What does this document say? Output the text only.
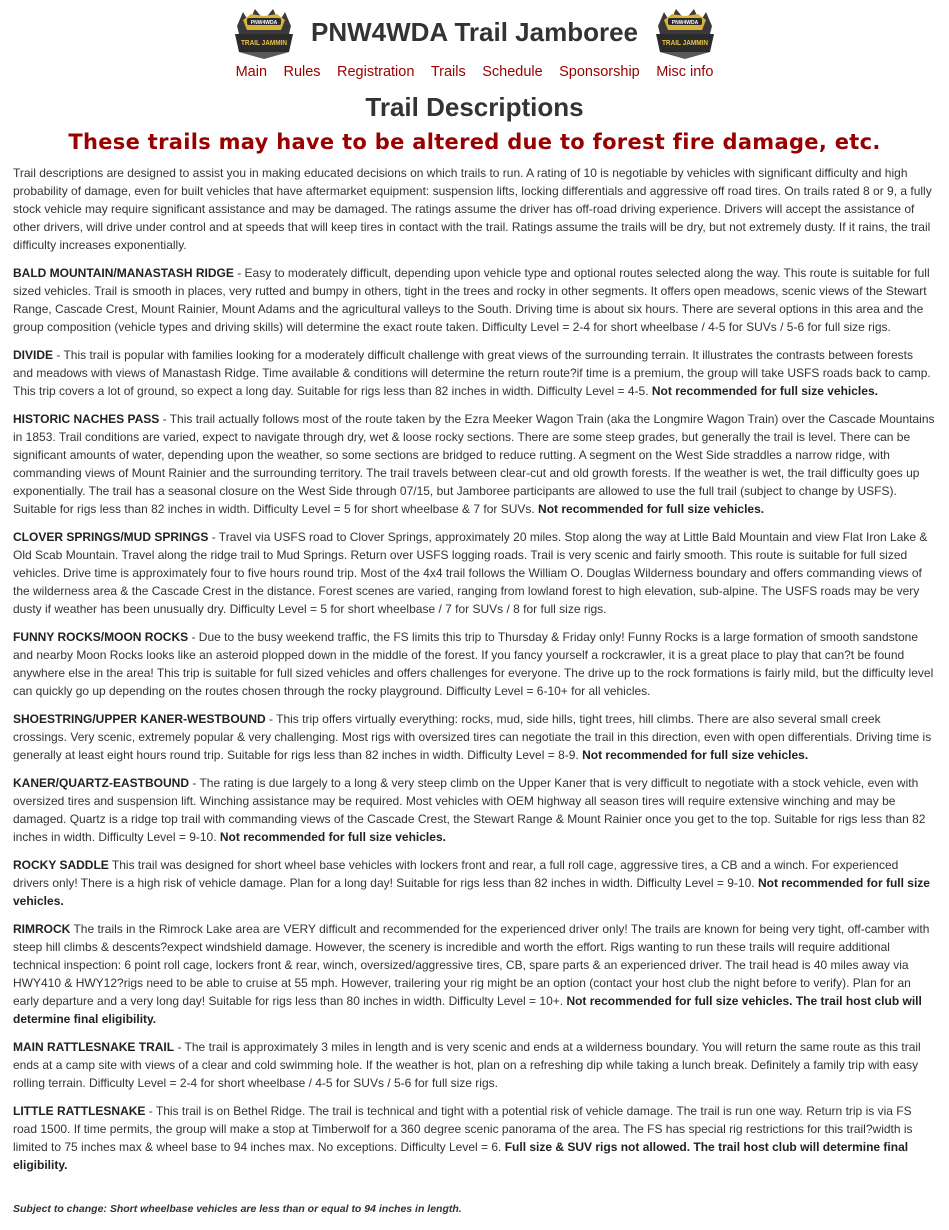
PNW4WDA
TRAIL JAMMIN PNW4WDA Trail Jamboree	PNW4WDA
TRAIL JAMMIN
Main Rules Registration Trails Schedule Sponsorship Misc info
Trail Descriptions
These trails may have to be altered due to forest fire damage, etc.

Trail descriptions are designed to assist you in making educated decisions on which trails to run. A rating of 10 is negotiable by vehicles with significant difficulty and high probability of damage, even for built vehicles that have aftermarket equipment: suspension lifts, locking differentials and aggressive off road tires. On trails rated 8 or 9, a fully stock vehicle may require significant assistance and may be damaged. The ratings assume the driver has off-road driving experience. Drivers will accept the assistance of other drivers, will drive under control and at speeds that will keep tires in contact with the trail. Ratings assume the trails will be dry, but not extremely dusty. If it rains, the trail difficulty increases exponentially.

BALD MOUNTAIN/MANASTASH RIDGE - Easy to moderately difficult, depending upon vehicle type and optional routes selected along the way. This route is suitable for full sized vehicles. Trail is smooth in places, very rutted and bumpy in others, tight in the trees and rocky in other segments. It offers open meadows, scenic views of the Stewart Range, Cascade Crest, Mount Rainier, Mount Adams and the agricultural valleys to the South. Driving time is about six hours. There are several options in this area and the group composition (vehicle types and driving skills) will determine the exact route taken. Difficulty Level = 2-4 for short wheelbase / 4-5 for SUVs / 5-6 for full size rigs.

DIVIDE - This trail is popular with families looking for a moderately difficult challenge with great views of the surrounding terrain. It illustrates the contrasts between forests and meadows with views of Manastash Ridge. Time available & conditions will determine the return route?if time is a premium, the group will take USFS roads back to camp. This trip covers a lot of ground, so expect a long day. Suitable for rigs less than 82 inches in width. Difficulty Level = 4-5. Not recommended for full size vehicles.

HISTORIC NACHES PASS - This trail actually follows most of the route taken by the Ezra Meeker Wagon Train (aka the Longmire Wagon Train) over the Cascade Mountains in 1853. Trail conditions are varied, expect to navigate through dry, wet & loose rocky sections. There are some steep grades, but generally the trail is level. There can be significant amounts of water, depending upon the weather, so some sections are bridged to reduce rutting. A segment on the West Side straddles a narrow ridge, with commanding views of Mount Rainier and the surrounding territory. The trail travels between clear-cut and old growth forests. If the weather is wet, the trail difficulty goes up exponentially. The trail has a seasonal closure on the West Side through 07/15, but Jamboree participants are allowed to use the full trail (subject to change by USFS). Suitable for rigs less than 82 inches in width. Difficulty Level = 5 for short wheelbase & 7 for SUVs. Not recommended for full size vehicles.

CLOVER SPRINGS/MUD SPRINGS - Travel via USFS road to Clover Springs, approximately 20 miles. Stop along the way at Little Bald Mountain and view Flat Iron Lake & Old Scab Mountain. Travel along the ridge trail to Mud Springs. Return over USFS logging roads. Trail is very scenic and fairly smooth. This route is suitable for full sized vehicles. Drive time is approximately four to five hours round trip. Most of the 4x4 trail follows the William O. Douglas Wilderness boundary and offers commanding views of the wilderness area & the Cascade Crest in the distance. Forest scenes are varied, ranging from lowland forest to high elevation, sub-alpine. The USFS roads may be very dusty if weather has been unusually dry. Difficulty Level = 5 for short wheelbase / 7 for SUVs / 8 for full size rigs.

FUNNY ROCKS/MOON ROCKS - Due to the busy weekend traffic, the FS limits this trip to Thursday & Friday only! Funny Rocks is a large formation of smooth sandstone and nearby Moon Rocks looks like an asteroid plopped down in the middle of the forest. If you fancy yourself a rockcrawler, it is a great place to play that can?t be found anywhere else in the area! This trip is suitable for full sized vehicles and offers challenges for everyone. The drive up to the rock formations is fairly mild, but the difficulty level can quickly go up depending on the routes chosen through the rocky playground. Difficulty Level = 6-10+ for all vehicles.

SHOESTRING/UPPER KANER-WESTBOUND - This trip offers virtually everything: rocks, mud, side hills, tight trees, hill climbs. There are also several small creek crossings. Very scenic, extremely popular & very challenging. Most rigs with oversized tires can negotiate the trail in this direction, even with open differentials. Driving time is generally at least eight hours round trip. Suitable for rigs less than 82 inches in width. Difficulty Level = 8-9. Not recommended for full size vehicles.

KANER/QUARTZ-EASTBOUND - The rating is due largely to a long & very steep climb on the Upper Kaner that is very difficult to negotiate with a stock vehicle, even with oversized tires and suspension lift. Winching assistance may be required. Most vehicles with OEM highway all season tires will require extensive winching and may be damaged. Quartz is a ridge top trail with commanding views of the Cascade Crest, the Stewart Range & Mount Rainier once you get to the top. Suitable for rigs less than 82 inches in width. Difficulty Level = 9-10. Not recommended for full size vehicles.

ROCKY SADDLE This trail was designed for short wheel base vehicles with lockers front and rear, a full roll cage, aggressive tires, a CB and a winch. For experienced drivers only! There is a high risk of vehicle damage. Plan for a long day! Suitable for rigs less than 82 inches in width. Difficulty Level = 9-10. Not recommended for full size vehicles.

RIMROCK The trails in the Rimrock Lake area are VERY difficult and recommended for the experienced driver only! The trails are known for being very tight, off-camber with steep hill climbs & descents?expect windshield damage. However, the scenery is incredible and worth the effort. Rigs wanting to run these trails will require additional technical inspection: 6 point roll cage, lockers front & rear, winch, oversized/aggressive tires, CB, spare parts & an experienced driver. The trail head is 40 miles away via HWY410 & HWY12?rigs need to be able to cruise at 55 mph. However, trailering your rig might be an option (contact your host club the night before to verify). Plan for an early departure and a very long day! Suitable for rigs less than 80 inches in width. Difficulty Level = 10+. Not recommended for full size vehicles. The trail host club will determine final eligibility.

MAIN RATTLESNAKE TRAIL - The trail is approximately 3 miles in length and is very scenic and ends at a wilderness boundary. You will return the same route as this trail ends at a camp site with views of a clear and cold swimming hole. If the weather is hot, plan on a refreshing dip while taking a lunch break. Definitely a family trip with easy rolling terrain. Difficulty Level = 2-4 for short wheelbase / 4-5 for SUVs / 5-6 for full size rigs.

LITTLE RATTLESNAKE - This trail is on Bethel Ridge. The trail is technical and tight with a potential risk of vehicle damage. The trail is run one way. Return trip is via FS road 1500. If time permits, the group will make a stop at Timberwolf for a 360 degree scenic panorama of the area. The FS has special rig restrictions for this trail?width is limited to 75 inches max & wheel base to 94 inches max. No exceptions. Difficulty Level = 6. Full size & SUV rigs not allowed. The trail host club will determine final eligibility.

Subject to change: Short wheelbase vehicles are less than or equal to 94 inches in length.
